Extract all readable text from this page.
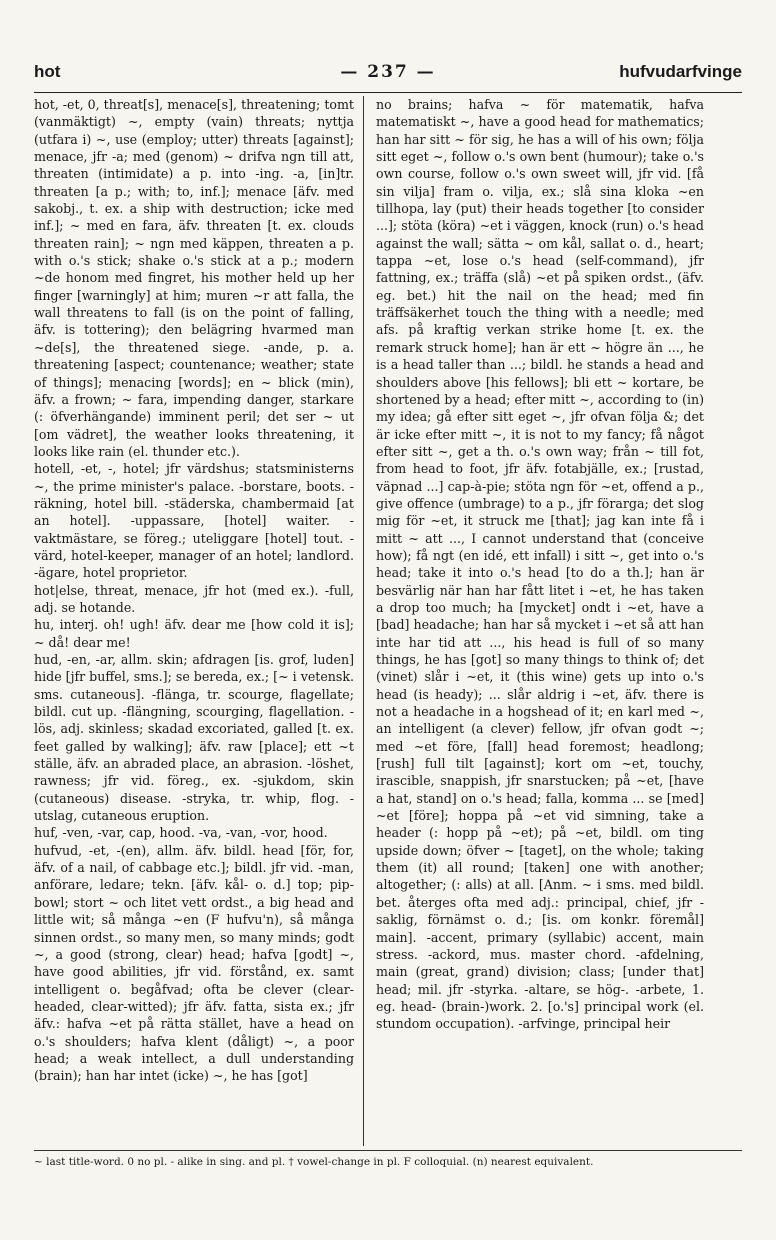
hot	— 237 —	hufvudarfvinge

hot, -et, 0, threat[s], menace[s], threatening; tomt (vanmäktigt) ~, empty (vain) threats; nyttja (utfara i) ~, use (employ; utter) threats [against]; menace, jfr -a; med (genom) ~ drifva ngn till att, threaten (intimidate) a p. into -ing. -a, [in]tr. threaten [a p.; with; to, inf.]; menace [äfv. med sakobj., t. ex. a ship with destruction; icke med inf.]; ~ med en fara, äfv. threaten [t. ex. clouds threaten rain]; ~ ngn med käppen, threaten a p. with o.'s stick; shake o.'s stick at a p.; modern ~de honom med fingret, his mother held up her finger [warningly] at him; muren ~r att falla, the wall threatens to fall (is on the point of falling, äfv. is tottering); den belägring hvarmed man ~de[s], the threatened siege. -ande, p. a. threatening [aspect; countenance; weather; state of things]; menacing [words]; en ~ blick (min), äfv. a frown; ~ fara, impending danger, starkare (: öfverhängande) imminent peril; det ser ~ ut [om vädret], the weather looks threatening, it looks like rain (el. thunder etc.).

hotell, -et, -, hotel; jfr värdshus; statsministerns ~, the prime minister's palace. -borstare, boots. -räkning, hotel bill. -städerska, chambermaid [at an hotel]. -uppassare, [hotel] waiter. -vaktmästare, se föreg.; uteliggare [hotel] tout. -värd, hotel-keeper, manager of an hotel; landlord. -ägare, hotel proprietor.

hot|else, threat, menace, jfr hot (med ex.). -full, adj. se hotande.

hu, interj. oh! ugh! äfv. dear me [how cold it is]; ~ då! dear me!

hud, -en, -ar, allm. skin; afdragen [is. grof, luden] hide [jfr buffel, sms.]; se bereda, ex.; [~ i vetensk. sms. cutaneous]. -flänga, tr. scourge, flagellate; bildl. cut up. -flängning, scourging, flagellation. -lös, adj. skinless; skadad excoriated, galled [t. ex. feet galled by walking]; äfv. raw [place]; ett ~t ställe, äfv. an abraded place, an abrasion. -löshet, rawness; jfr vid. föreg., ex. -sjukdom, skin (cutaneous) disease. -stryka, tr. whip, flog. -utslag, cutaneous eruption.

huf, -ven, -var, cap, hood. -va, -van, -vor, hood.

hufvud, -et, -(en), allm. äfv. bildl. head [för, for, äfv. of a nail, of cabbage etc.]; bildl. jfr vid. -man, anförare, ledare; tekn. [äfv. kål- o. d.] top; pip- bowl; stort ~ och litet vett ordst., a big head and little wit; så många ~en (F hufvu'n), så många sinnen ordst., so many men, so many minds; godt ~, a good (strong, clear) head; hafva [godt] ~, have good abilities, jfr vid. förstånd, ex. samt intelligent o. begåfvad; ofta be clever (clear-headed, clear-witted); jfr äfv. fatta, sista ex.; jfr äfv.: hafva ~et på rätta stället, have a head on o.'s shoulders; hafva klent (dåligt) ~, a poor head; a weak intellect, a dull understanding (brain); han har intet (icke) ~, he has [got]

no brains; hafva ~ för matematik, hafva matematiskt ~, have a good head for mathematics; han har sitt ~ för sig, he has a will of his own; följa sitt eget ~, follow o.'s own bent (humour); take o.'s own course, follow o.'s own sweet will, jfr vid. [få sin vilja] fram o. vilja, ex.; slå sina kloka ~en tillhopa, lay (put) their heads together [to consider ...]; stöta (köra) ~et i väggen, knock (run) o.'s head against the wall; sätta ~ om kål, sallat o. d., heart; tappa ~et, lose o.'s head (self-command), jfr fattning, ex.; träffa (slå) ~et på spiken ordst., (äfv. eg. bet.) hit the nail on the head; med fin träffsäkerhet touch the thing with a needle; med afs. på kraftig verkan strike home [t. ex. the remark struck home]; han är ett ~ högre än ..., he is a head taller than ...; bildl. he stands a head and shoulders above [his fellows]; bli ett ~ kortare, be shortened by a head; efter mitt ~, according to (in) my idea; gå efter sitt eget ~, jfr ofvan följa &; det är icke efter mitt ~, it is not to my fancy; få något efter sitt ~, get a th. o.'s own way; från ~ till fot, from head to foot, jfr äfv. fotabjälle, ex.; [rustad, väpnad ...] cap-à-pie; stöta ngn för ~et, offend a p., give offence (umbrage) to a p., jfr förarga; det slog mig för ~et, it struck me [that]; jag kan inte få i mitt ~ att ..., I cannot understand that (conceive how); få ngt (en idé, ett infall) i sitt ~, get into o.'s head; take it into o.'s head [to do a th.]; han är besvärlig när han har fått litet i ~et, he has taken a drop too much; ha [mycket] ondt i ~et, have a [bad] headache; han har så mycket i ~et så att han inte har tid att ..., his head is full of so many things, he has [got] so many things to think of; det (vinet) slår i ~et, it (this wine) gets up into o.'s head (is heady); ... slår aldrig i ~et, äfv. there is not a headache in a hogshead of it; en karl med ~, an intelligent (a clever) fellow, jfr ofvan godt ~; med ~et före, [fall] head foremost; headlong; [rush] full tilt [against]; kort om ~et, touchy, irascible, snappish, jfr snarstucken; på ~et, [have a hat, stand] on o.'s head; falla, komma ... se [med] ~et [före]; hoppa på ~et vid simning, take a header (: hopp på ~et); på ~et, bildl. om ting upside down; öfver ~ [taget], on the whole; taking them (it) all round; [taken] one with another; altogether; (: alls) at all. [Anm. ~ i sms. med bildl. bet. återges ofta med adj.: principal, chief, jfr -saklig, förnämst o. d.; [is. om konkr. föremål] main]. -accent, primary (syllabic) accent, main stress. -ackord, mus. master chord. -afdelning, main (great, grand) division; class; [under that] head; mil. jfr -styrka. -altare, se hög-. -arbete, 1. eg. head- (brain-)work. 2. [o.'s] principal work (el. stundom occupation). -arfvinge, principal heir

~ last title-word. 0 no pl. - alike in sing. and pl. † vowel-change in pl. F colloquial. (n) nearest equivalent.
